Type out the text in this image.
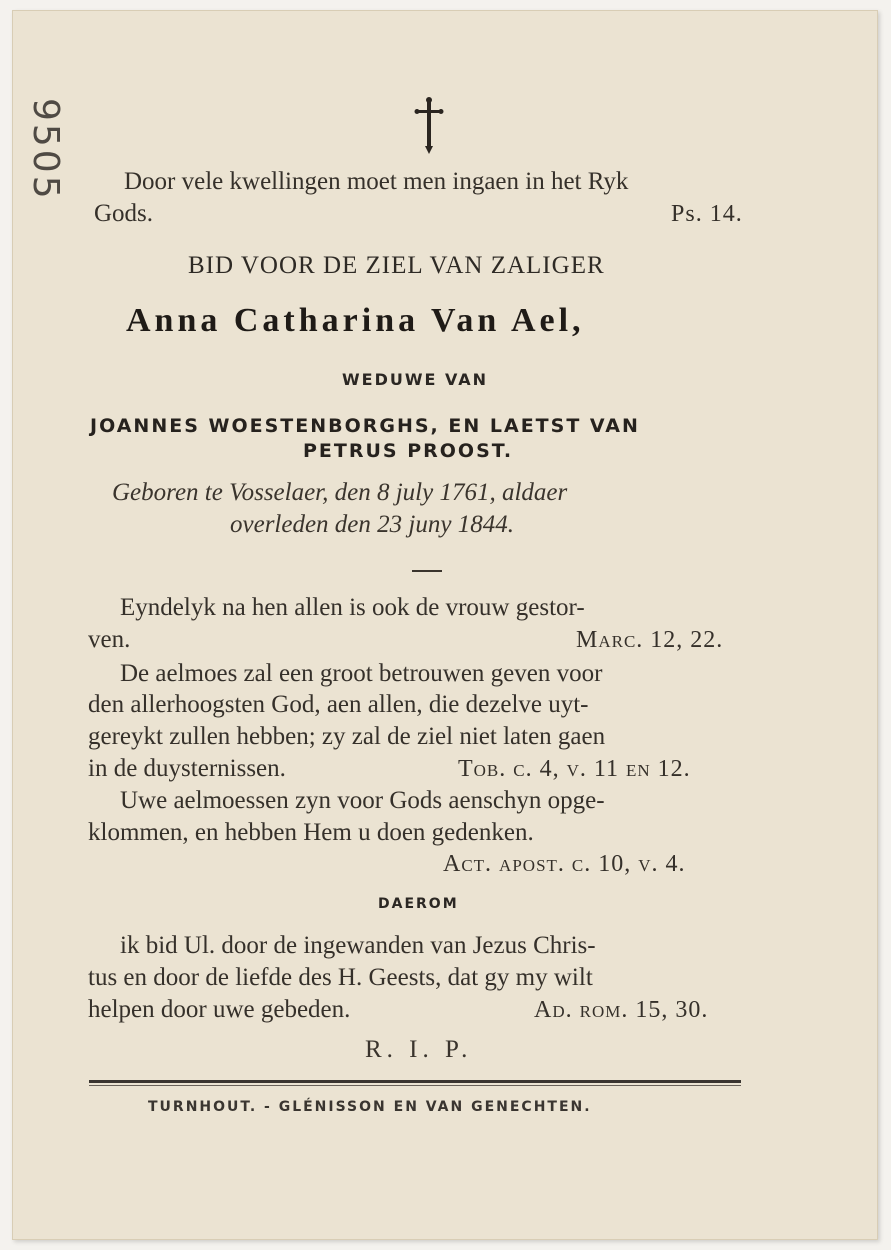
9505 Door vele kwellingen moet men ingaen in het Ryk
Gods.	Ps. 14.
BID VOOR DE ZIEL VAN ZALIGER
Anna Catharina Van Ael,
WEDUWE VAN
JOANNES WOESTENBORGHS, EN LAETST VAN
PETRUS PROOST.
Geboren te Vosselaer, den 8 july 1761, aldaer
overleden den 23 juny 1844.
Eyndelyk na hen allen is ook de vrouw gestor-
ven.	Marc. 12, 22.
De aelmoes zal een groot betrouwen geven voor
den allerhoogsten God, aen allen, die dezelve uyt-
gereykt zullen hebben; zy zal de ziel niet laten gaen
in de duysternissen.	Tob. c. 4, v. 11 en 12.
Uwe aelmoessen zyn voor Gods aenschyn opge-
klommen, en hebben Hem u doen gedenken.
Act. apost. c. 10, v. 4.
DAEROM
ik bid Ul. door de ingewanden van Jezus Chris-
tus en door de liefde des H. Geests, dat gy my wilt
helpen door uwe gebeden.	Ad. rom. 15, 30.
R. I. P.
TURNHOUT. - GLÉNISSON EN VAN GENECHTEN.
